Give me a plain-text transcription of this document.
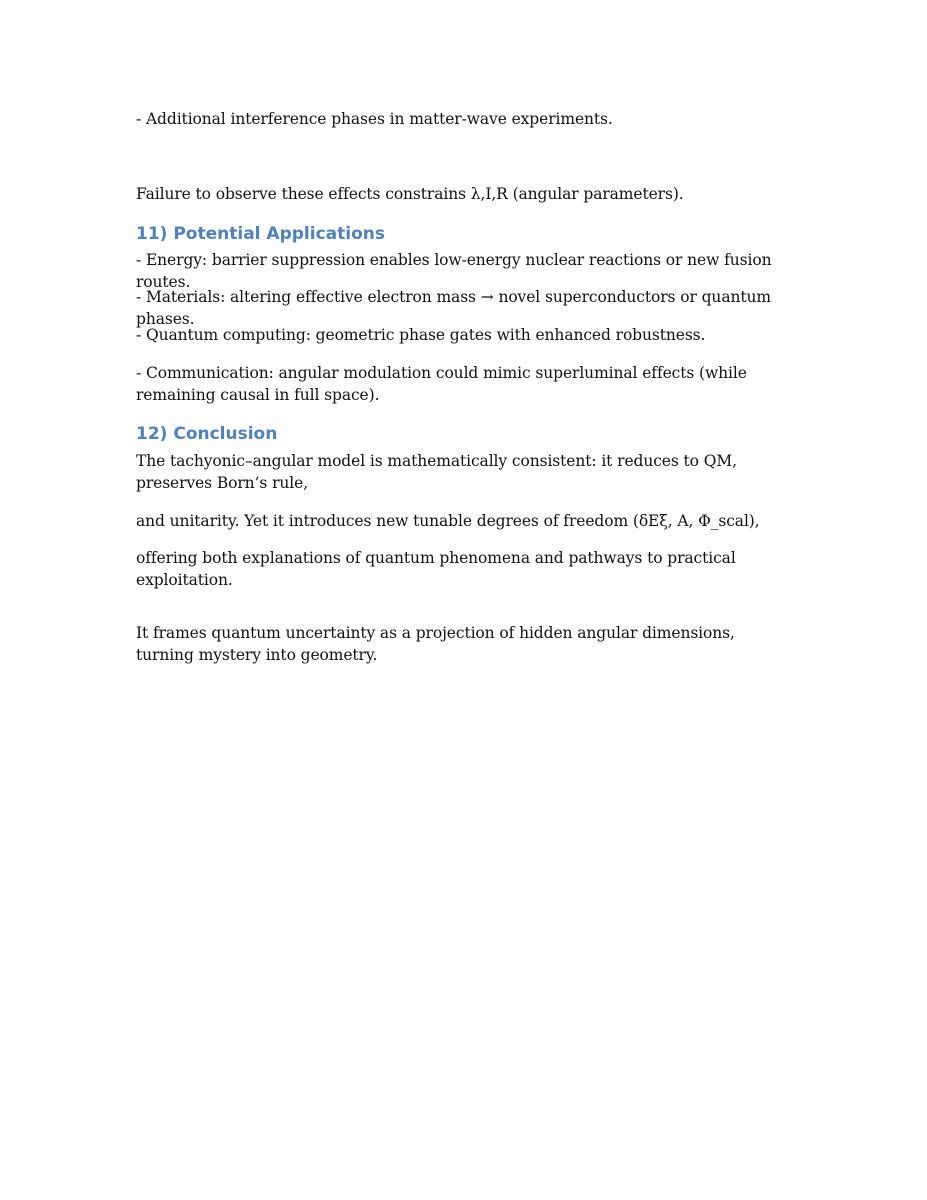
- Additional interference phases in matter-wave experiments.

Failure to observe these effects constrains λ,I,R (angular parameters).

11) Potential Applications

- Energy: barrier suppression enables low-energy nuclear reactions or new fusion routes.

- Materials: altering effective electron mass → novel superconductors or quantum phases.

- Quantum computing: geometric phase gates with enhanced robustness.

- Communication: angular modulation could mimic superluminal effects (while remaining causal in full space).

12) Conclusion

The tachyonic–angular model is mathematically consistent: it reduces to QM, preserves Born’s rule,

and unitarity. Yet it introduces new tunable degrees of freedom (δEξ, A, Φ_scal),

offering both explanations of quantum phenomena and pathways to practical exploitation.

It frames quantum uncertainty as a projection of hidden angular dimensions, turning mystery into geometry.
